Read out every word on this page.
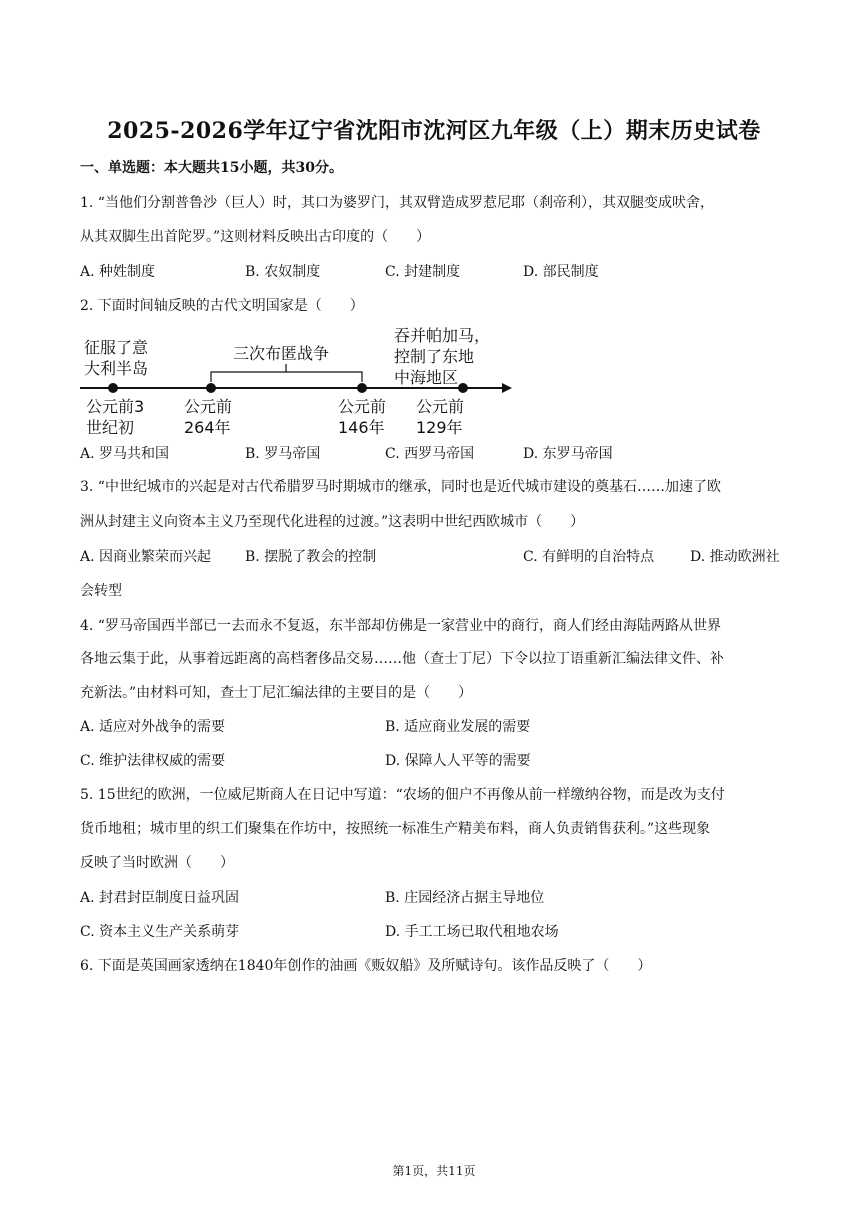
2025-2026学年辽宁省沈阳市沈河区九年级（上）期末历史试卷
一、单选题：本大题共15小题，共30分。
1. “当他们分割普鲁沙（巨人）时，其口为婆罗门，其双臂造成罗惹尼耶（刹帝利），其双腿变成吠舍，
从其双脚生出首陀罗。”这则材料反映出古印度的（　　）
A. 种姓制度	B. 农奴制度	C. 封建制度	D. 部民制度
2. 下面时间轴反映的古代文明国家是（　　）
征服了意
大利半岛
三次布匿战争
吞并帕加马，
控制了东地
中海地区
公元前3
世纪初
公元前
264年
公元前
146年
公元前
129年
A. 罗马共和国	B. 罗马帝国	C. 西罗马帝国	D. 东罗马帝国
3. “中世纪城市的兴起是对古代希腊罗马时期城市的继承，同时也是近代城市建设的奠基石……加速了欧
洲从封建主义向资本主义乃至现代化进程的过渡。”这表明中世纪西欧城市（　　）
A. 因商业繁荣而兴起 B. 摆脱了教会的控制	C. 有鲜明的自治特点	D. 推动欧洲社
会转型
4. “罗马帝国西半部已一去而永不复返，东半部却仿佛是一家营业中的商行，商人们经由海陆两路从世界
各地云集于此，从事着远距离的高档奢侈品交易……他（查士丁尼）下令以拉丁语重新汇编法律文件、补
充新法。”由材料可知，查士丁尼汇编法律的主要目的是（　　）
A. 适应对外战争的需要	B. 适应商业发展的需要
C. 维护法律权威的需要	D. 保障人人平等的需要
5. 15世纪的欧洲，一位威尼斯商人在日记中写道：“农场的佃户不再像从前一样缴纳谷物，而是改为支付
货币地租；城市里的织工们聚集在作坊中，按照统一标准生产精美布料，商人负责销售获利。”这些现象
反映了当时欧洲（　　）
A. 封君封臣制度日益巩固	B. 庄园经济占据主导地位
C. 资本主义生产关系萌芽	D. 手工工场已取代租地农场
6. 下面是英国画家透纳在1840年创作的油画《贩奴船》及所赋诗句。该作品反映了（　　）
第1页，共11页
